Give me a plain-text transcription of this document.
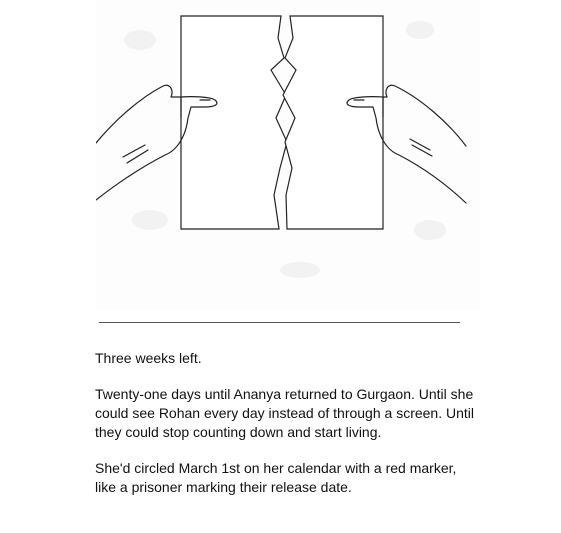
Three weeks left.

Twenty-one days until Ananya returned to Gurgaon. Until she could see Rohan every day instead of through a screen. Until they could stop counting down and start living.

She'd circled March 1st on her calendar with a red marker, like a prisoner marking their release date.
